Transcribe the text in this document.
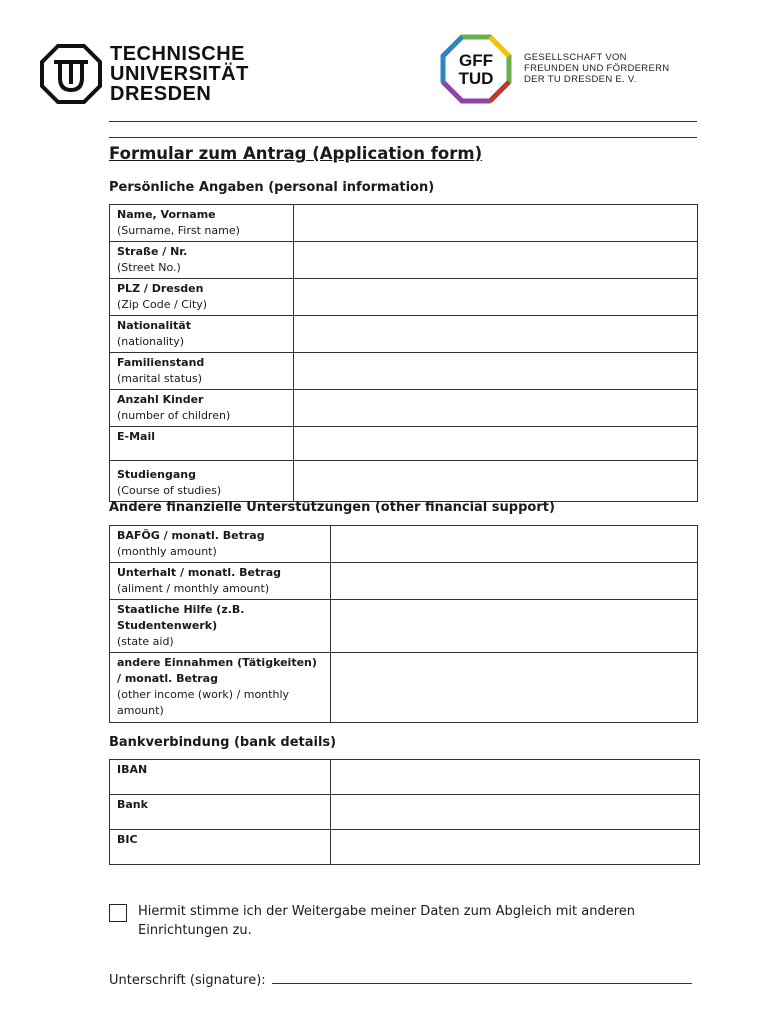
TECHNISCHE
UNIVERSITÄT
DRESDEN
GFF
TUD
GESELLSCHAFT VON
FREUNDEN UND FÖRDERERN
DER TU DRESDEN E. V.
Formular zum Antrag (Application form)
Persönliche Angaben (personal information)
Name, Vorname
(Surname, First name)	

Straße / Nr.
(Street No.)	

PLZ / Dresden
(Zip Code / City)	

Nationalität
(nationality)	

Familienstand
(marital status)	

Anzahl Kinder
(number of children)	

E-Mail	

Studiengang
(Course of studies)	

Andere finanzielle Unterstützungen (other financial support)
BAFÖG / monatl. Betrag
(monthly amount)	

Unterhalt / monatl. Betrag
(aliment / monthly amount)	

Staatliche Hilfe (z.B. Studentenwerk)
(state aid)	

andere Einnahmen (Tätigkeiten) / monatl. Betrag
(other income (work) / monthly amount)	

Bankverbindung (bank details)
IBAN	

Bank	

BIC	

Hiermit stimme ich der Weitergabe meiner Daten zum Abgleich mit anderen Einrichtungen zu.
Unterschrift (signature):
